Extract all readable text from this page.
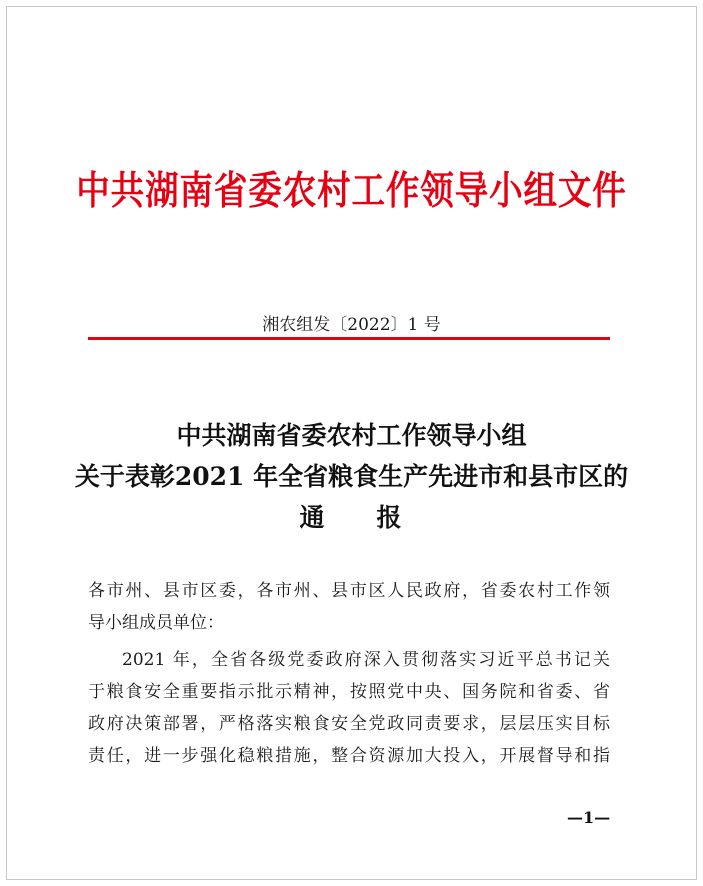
中共湖南省委农村工作领导小组文件
湘农组发〔2022〕1 号
中共湖南省委农村工作领导小组
关于表彰2021 年全省粮食生产先进市和县市区的
通 报
各市州、县市区委，各市州、县市区人民政府，省委农村工作领
导小组成员单位：
2021 年，全省各级党委政府深入贯彻落实习近平总书记关
于粮食安全重要指示批示精神，按照党中央、国务院和省委、省
政府决策部署，严格落实粮食安全党政同责要求，层层压实目标
责任，进一步强化稳粮措施，整合资源加大投入，开展督导和指
—1—
